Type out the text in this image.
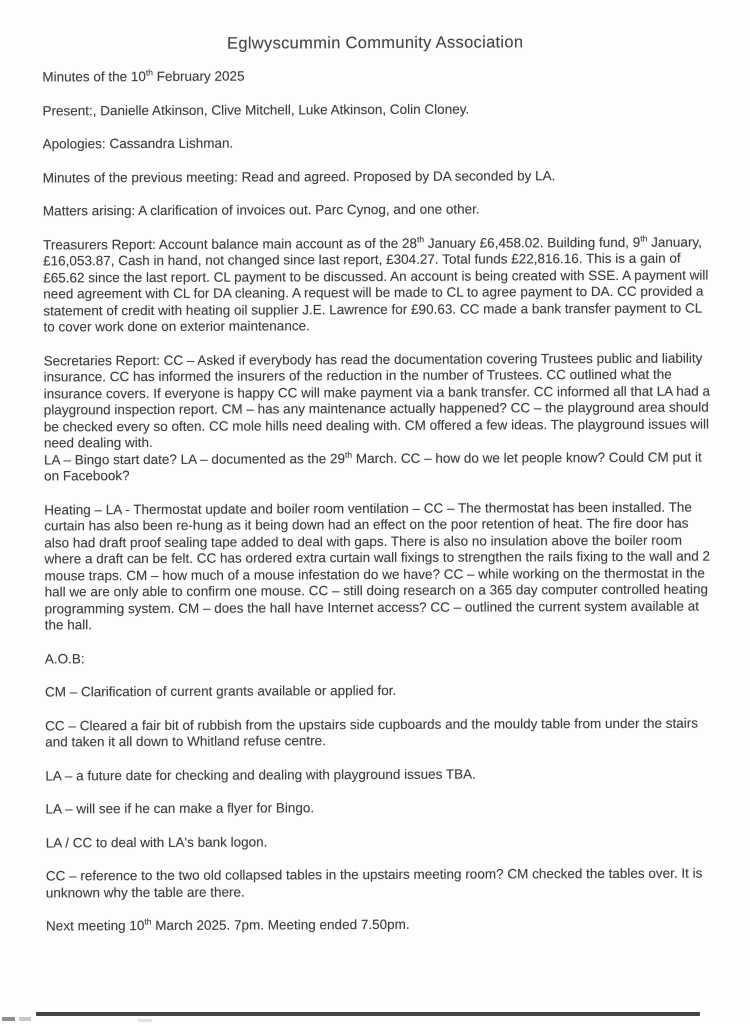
Eglwyscummin Community Association
Minutes of the 10th February 2025
Present:, Danielle Atkinson, Clive Mitchell, Luke Atkinson, Colin Cloney.
Apologies: Cassandra Lishman.
Minutes of the previous meeting: Read and agreed. Proposed by DA seconded by LA.
Matters arising: A clarification of invoices out. Parc Cynog, and one other.
Treasurers Report: Account balance main account as of the 28th January £6,458.02. Building fund, 9th January, £16,053.87, Cash in hand, not changed since last report, £304.27. Total funds £22,816.16. This is a gain of £65.62 since the last report. CL payment to be discussed. An account is being created with SSE. A payment will need agreement with CL for DA cleaning. A request will be made to CL to agree payment to DA. CC provided a statement of credit with heating oil supplier J.E. Lawrence for £90.63. CC made a bank transfer payment to CL to cover work done on exterior maintenance.
Secretaries Report: CC – Asked if everybody has read the documentation covering Trustees public and liability insurance. CC has informed the insurers of the reduction in the number of Trustees. CC outlined what the insurance covers. If everyone is happy CC will make payment via a bank transfer. CC informed all that LA had a playground inspection report. CM – has any maintenance actually happened? CC – the playground area should be checked every so often. CC mole hills need dealing with. CM offered a few ideas. The playground issues will need dealing with.
LA – Bingo start date? LA – documented as the 29th March. CC – how do we let people know? Could CM put it on Facebook?
Heating – LA - Thermostat update and boiler room ventilation – CC – The thermostat has been installed. The curtain has also been re-hung as it being down had an effect on the poor retention of heat. The fire door has also had draft proof sealing tape added to deal with gaps. There is also no insulation above the boiler room where a draft can be felt. CC has ordered extra curtain wall fixings to strengthen the rails fixing to the wall and 2 mouse traps. CM – how much of a mouse infestation do we have? CC – while working on the thermostat in the hall we are only able to confirm one mouse. CC – still doing research on a 365 day computer controlled heating programming system. CM – does the hall have Internet access? CC – outlined the current system available at the hall.
A.O.B:
CM – Clarification of current grants available or applied for.
CC – Cleared a fair bit of rubbish from the upstairs side cupboards and the mouldy table from under the stairs and taken it all down to Whitland refuse centre.
LA – a future date for checking and dealing with playground issues TBA.
LA – will see if he can make a flyer for Bingo.
LA / CC to deal with LA's bank logon.
CC – reference to the two old collapsed tables in the upstairs meeting room? CM checked the tables over. It is unknown why the table are there.
Next meeting 10th March 2025. 7pm. Meeting ended 7.50pm.
